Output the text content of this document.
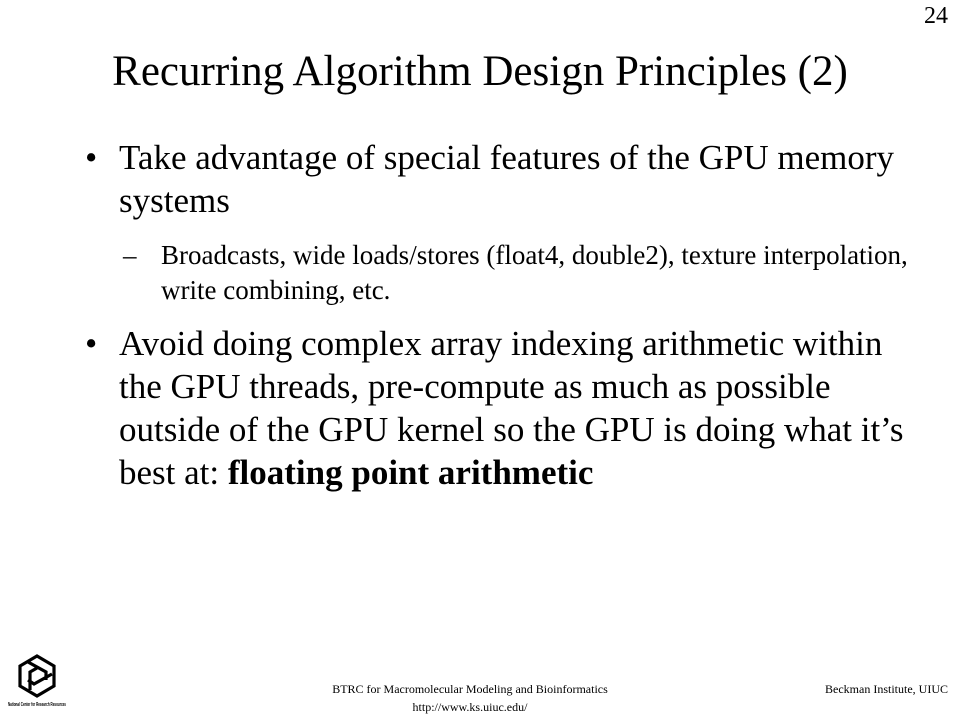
24
Recurring Algorithm Design Principles (2)
• Take advantage of special features of the GPU memory systems
– Broadcasts, wide loads/stores (float4, double2), texture interpolation, write combining, etc.
• Avoid doing complex array indexing arithmetic within the GPU threads, pre-compute as much as possible outside of the GPU kernel so the GPU is doing what it’s best at: floating point arithmetic
National Center for Research Resources
BTRC for Macromolecular Modeling and Bioinformatics
http://www.ks.uiuc.edu/
Beckman Institute, UIUC
